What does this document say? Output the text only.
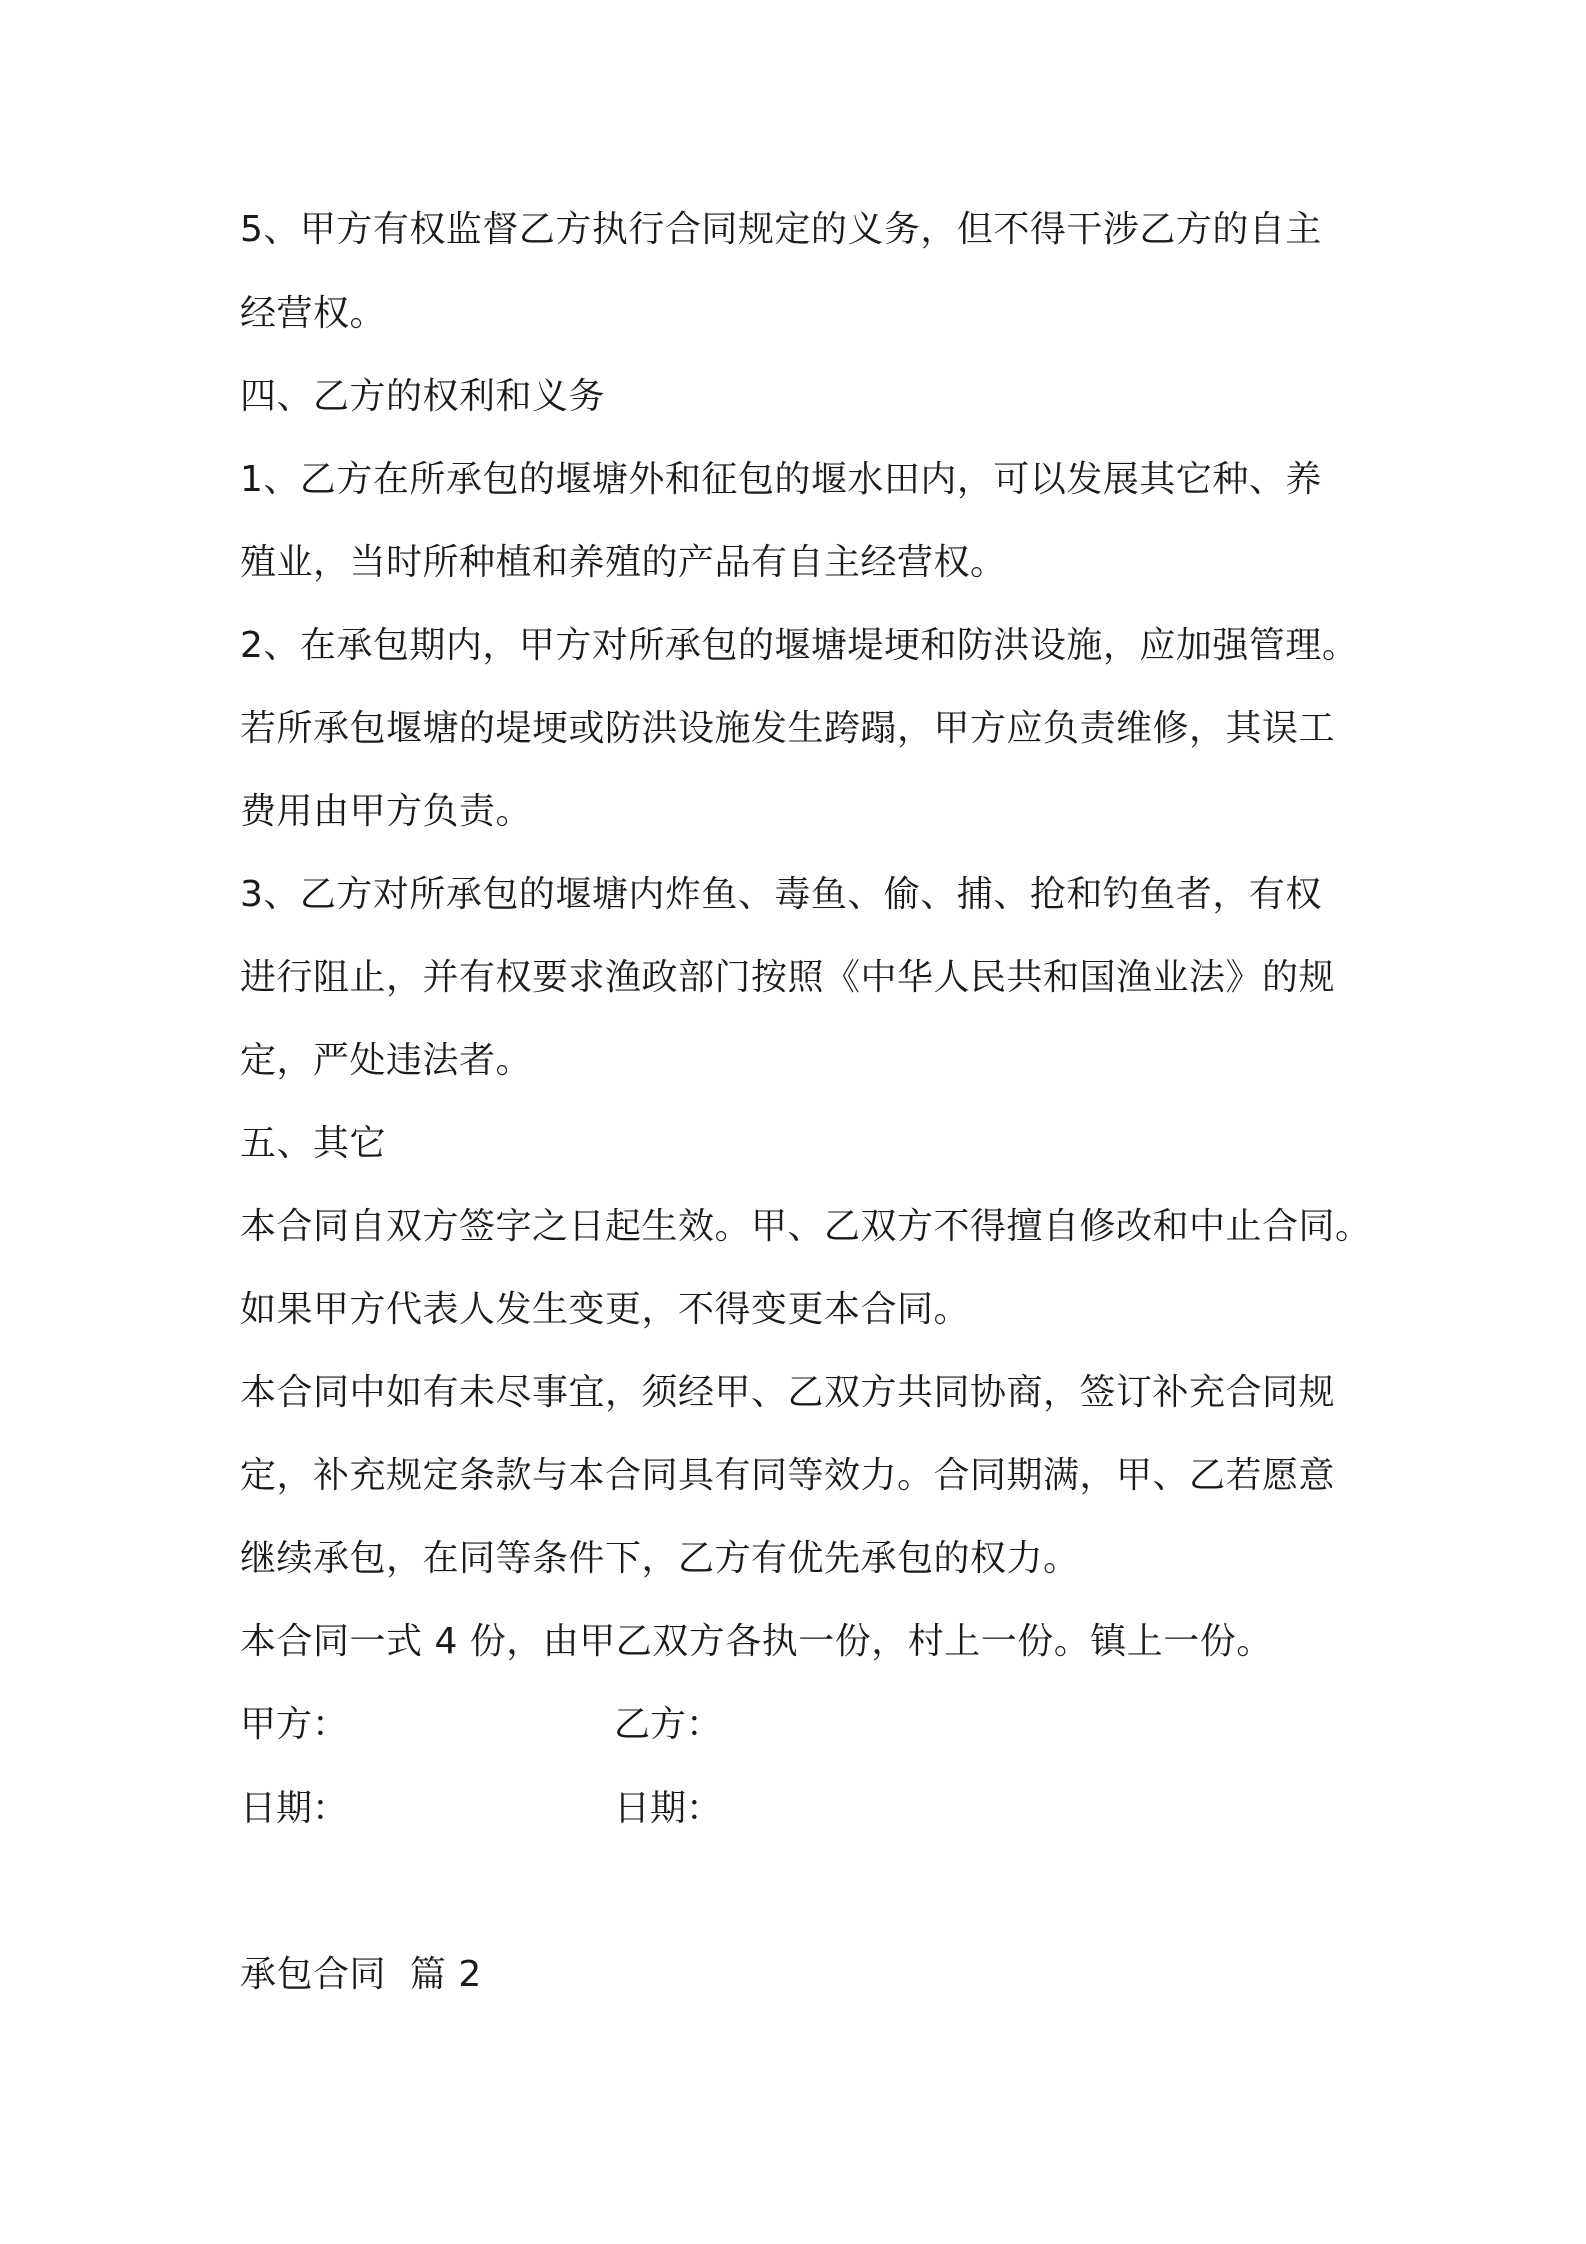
5、甲方有权监督乙方执行合同规定的义务，但不得干涉乙方的自主
经营权。
四、乙方的权利和义务
1、乙方在所承包的堰塘外和征包的堰水田内，可以发展其它种、养
殖业，当时所种植和养殖的产品有自主经营权。
2、在承包期内，甲方对所承包的堰塘堤埂和防洪设施，应加强管理。
若所承包堰塘的堤埂或防洪设施发生跨蹋，甲方应负责维修，其误工
费用由甲方负责。
3、乙方对所承包的堰塘内炸鱼、毒鱼、偷、捕、抢和钓鱼者，有权
进行阻止，并有权要求渔政部门按照《中华人民共和国渔业法》的规
定，严处违法者。
五、其它
本合同自双方签字之日起生效。甲、乙双方不得擅自修改和中止合同。
如果甲方代表人发生变更，不得变更本合同。
本合同中如有未尽事宜，须经甲、乙双方共同协商，签订补充合同规
定，补充规定条款与本合同具有同等效力。合同期满，甲、乙若愿意
继续承包，在同等条件下，乙方有优先承包的权力。
本合同一式 4 份，由甲乙双方各执一份，村上一份。镇上一份。
甲方：	乙方：
日期：	日期：
承包合同  篇 2
